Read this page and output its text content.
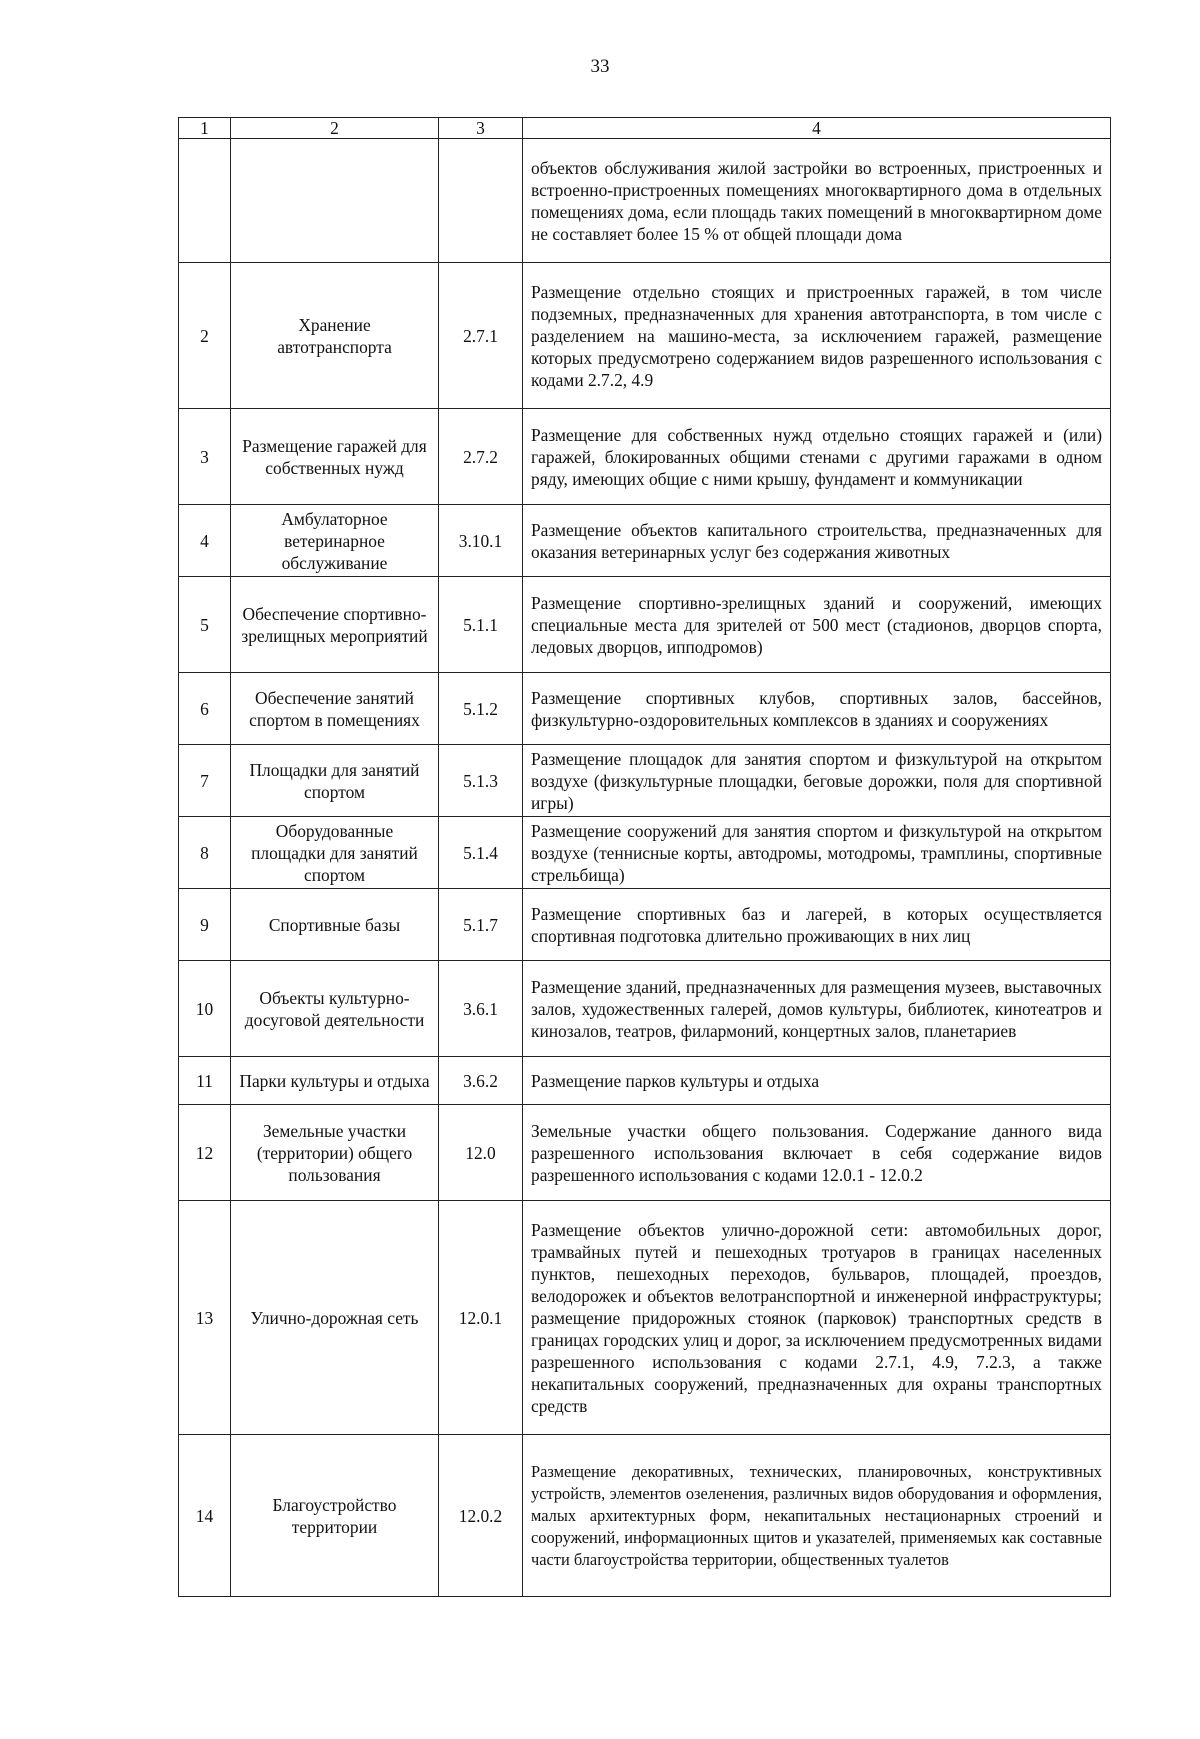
33
1	2	3	4
			объектов обслуживания жилой застройки во встроенных, пристроенных и встроенно-пристроенных помещениях многоквартирного дома в отдельных помещениях дома, если площадь таких помещений в многоквартирном доме не составляет более 15 % от общей площади дома
2	Хранение автотранспорта	2.7.1	Размещение отдельно стоящих и пристроенных гаражей, в том числе подземных, предназначенных для хранения автотранспорта, в том числе с разделением на машино-места, за исключением гаражей, размещение которых предусмотрено содержанием видов разрешенного использования с кодами 2.7.2, 4.9
3	Размещение гаражей для собственных нужд	2.7.2	Размещение для собственных нужд отдельно стоящих гаражей и (или) гаражей, блокированных общими стенами с другими гаражами в одном ряду, имеющих общие с ними крышу, фундамент и коммуникации
4	Амбулаторное ветеринарное обслуживание	3.10.1	Размещение объектов капитального строительства, предназначенных для оказания ветеринарных услуг без содержания животных
5	Обеспечение спортивно-зрелищных мероприятий	5.1.1	Размещение спортивно-зрелищных зданий и сооружений, имеющих специальные места для зрителей от 500 мест (стадионов, дворцов спорта, ледовых дворцов, ипподромов)
6	Обеспечение занятий спортом в помещениях	5.1.2	Размещение спортивных клубов, спортивных залов, бассейнов, физкультурно-оздоровительных комплексов в зданиях и сооружениях
7	Площадки для занятий спортом	5.1.3	Размещение площадок для занятия спортом и физкультурой на открытом воздухе (физкультурные площадки, беговые дорожки, поля для спортивной игры)
8	Оборудованные площадки для занятий спортом	5.1.4	Размещение сооружений для занятия спортом и физкультурой на открытом воздухе (теннисные корты, автодромы, мотодромы, трамплины, спортивные стрельбища)
9	Спортивные базы	5.1.7	Размещение спортивных баз и лагерей, в которых осуществляется спортивная подготовка длительно проживающих в них лиц
10	Объекты культурно-досуговой деятельности	3.6.1	Размещение зданий, предназначенных для размещения музеев, выставочных залов, художественных галерей, домов культуры, библиотек, кинотеатров и кинозалов, театров, филармоний, концертных залов, планетариев
11	Парки культуры и отдыха	3.6.2	Размещение парков культуры и отдыха
12	Земельные участки (территории) общего пользования	12.0	Земельные участки общего пользования. Содержание данного вида разрешенного использования включает в себя содержание видов разрешенного использования с кодами 12.0.1 - 12.0.2
13	Улично-дорожная сеть	12.0.1	Размещение объектов улично-дорожной сети: автомобильных дорог, трамвайных путей и пешеходных тротуаров в границах населенных пунктов, пешеходных переходов, бульваров, площадей, проездов, велодорожек и объектов велотранспортной и инженерной инфраструктуры; размещение придорожных стоянок (парковок) транспортных средств в границах городских улиц и дорог, за исключением предусмотренных видами разрешенного использования с кодами 2.7.1, 4.9, 7.2.3, а также некапитальных сооружений, предназначенных для охраны транспортных средств
14	Благоустройство территории	12.0.2	Размещение декоративных, технических, планировочных, конструктивных устройств, элементов озеленения, различных видов оборудования и оформления, малых архитектурных форм, некапитальных нестационарных строений и сооружений, информационных щитов и указателей, применяемых как составные части благоустройства территории, общественных туалетов
